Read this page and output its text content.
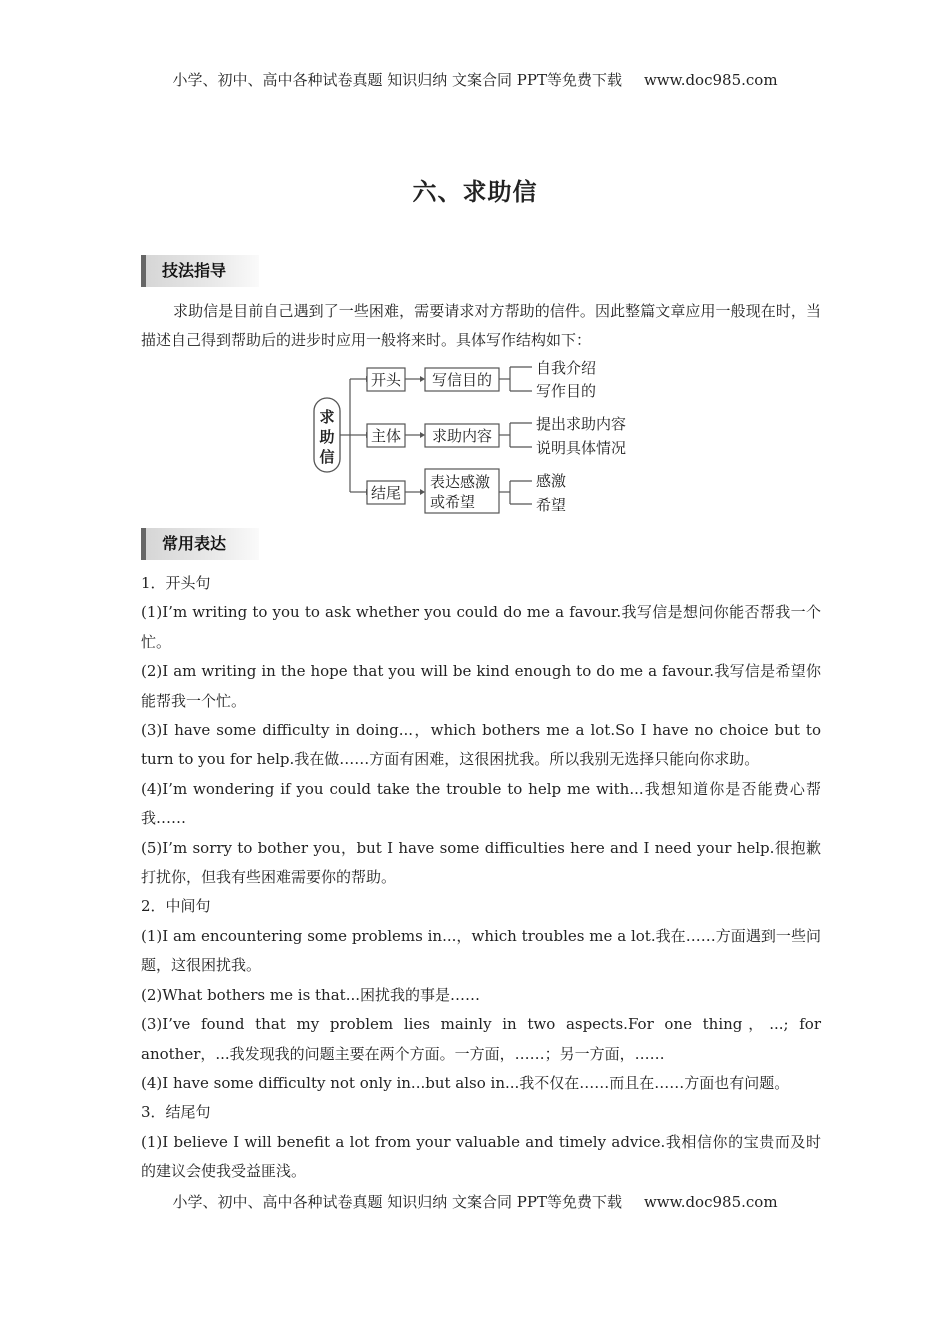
小学、初中、高中各种试卷真题 知识归纳 文案合同 PPT等免费下载 www.doc985.com
六、求助信
技法指导

求助信是目前自己遇到了一些困难，需要请求对方帮助的信件。因此整篇文章应用一般现在时，当描述自己得到帮助后的进步时应用一般将来时。具体写作结构如下：

求
助
信
开头 写信目的
自我介绍
写作目的
主体 求助内容
提出求助内容
说明具体情况
结尾
表达感激
或希望
感激
希望
常用表达

1．开头句

(1)I’m writing to you to ask whether you could do me a favour.我写信是想问你能否帮我一个忙。

(2)I am writing in the hope that you will be kind enough to do me a favour.我写信是希望你能帮我一个忙。

(3)I have some difficulty in doing...，which bothers me a lot.So I have no choice but to turn to you for help.我在做……方面有困难，这很困扰我。所以我别无选择只能向你求助。

(4)I’m wondering if you could take the trouble to help me with...我想知道你是否能费心帮我……

(5)I’m sorry to bother you，but I have some difficulties here and I need your help.很抱歉打扰你，但我有些困难需要你的帮助。

2．中间句

(1)I am encountering some problems in...，which troubles me a lot.我在……方面遇到一些问题，这很困扰我。

(2)What bothers me is that...困扰我的事是……

(3)I’ve found that my problem lies mainly in two aspects.For one thing，...; for another，...我发现我的问题主要在两个方面。一方面，……；另一方面，……

(4)I have some difficulty not only in...but also in...我不仅在……而且在……方面也有问题。

3．结尾句

(1)I believe I will benefit a lot from your valuable and timely advice.我相信你的宝贵而及时的建议会使我受益匪浅。

小学、初中、高中各种试卷真题 知识归纳 文案合同 PPT等免费下载 www.doc985.com
